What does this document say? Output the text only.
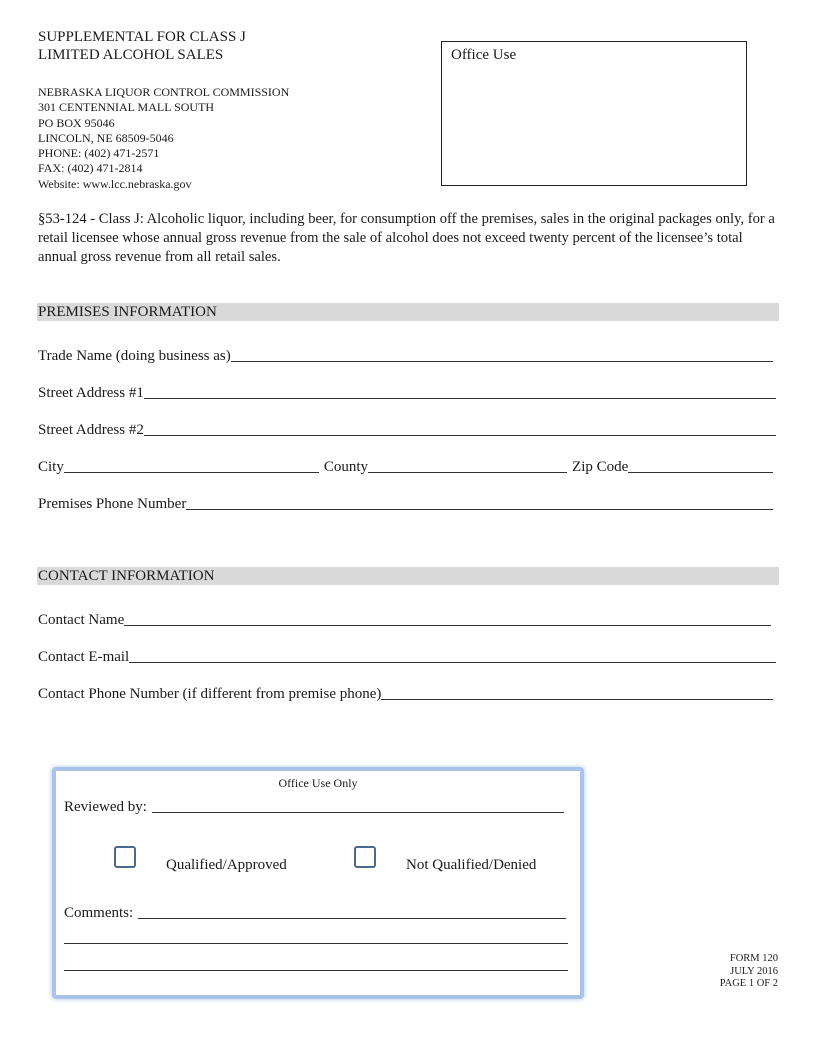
SUPPLEMENTAL FOR CLASS J
LIMITED ALCOHOL SALES
NEBRASKA LIQUOR CONTROL COMMISSION
301 CENTENNIAL MALL SOUTH
PO BOX 95046
LINCOLN, NE 68509-5046
PHONE: (402) 471-2571
FAX: (402) 471-2814
Website: www.lcc.nebraska.gov
Office Use
§53-124 - Class J: Alcoholic liquor, including beer, for consumption off the premises, sales in the original packages only, for a retail licensee whose annual gross revenue from the sale of alcohol does not exceed twenty percent of the licensee’s total annual gross revenue from all retail sales.
PREMISES INFORMATION
Trade Name (doing business as)
Street Address #1
Street Address #2
City	County	Zip Code
Premises Phone Number
CONTACT INFORMATION
Contact Name
Contact E-mail
Contact Phone Number (if different from premise phone)
Office Use Only
Reviewed by:
Qualified/Approved	Not Qualified/Denied
Comments:
FORM 120
JULY 2016
PAGE 1 OF 2
